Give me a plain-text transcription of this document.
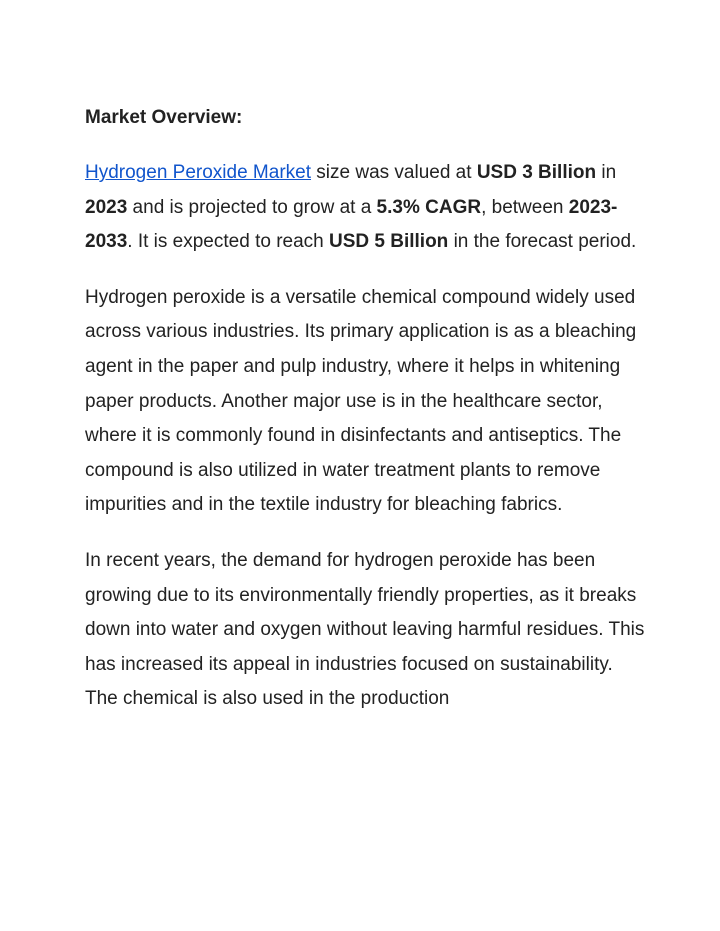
Market Overview:

Hydrogen Peroxide Market size was valued at USD 3 Billion in 2023 and is projected to grow at a 5.3% CAGR, between 2023-2033. It is expected to reach USD 5 Billion in the forecast period.

Hydrogen peroxide is a versatile chemical compound widely used across various industries. Its primary application is as a bleaching agent in the paper and pulp industry, where it helps in whitening paper products. Another major use is in the healthcare sector, where it is commonly found in disinfectants and antiseptics. The compound is also utilized in water treatment plants to remove impurities and in the textile industry for bleaching fabrics.

In recent years, the demand for hydrogen peroxide has been growing due to its environmentally friendly properties, as it breaks down into water and oxygen without leaving harmful residues. This has increased its appeal in industries focused on sustainability. The chemical is also used in the production
